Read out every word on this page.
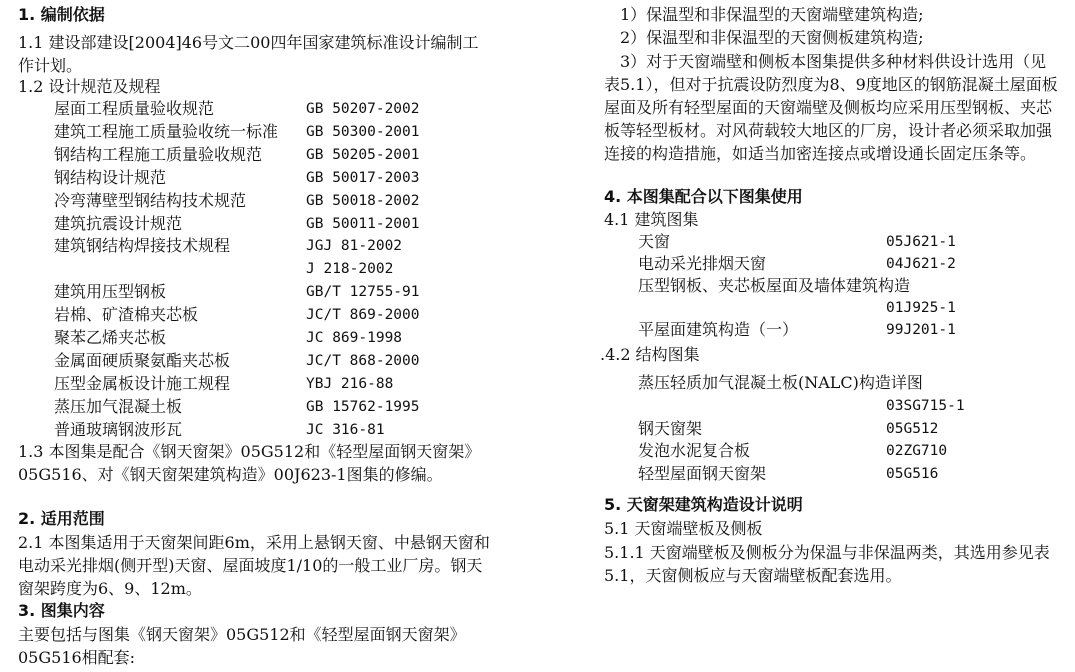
1. 编制依据
1.1 建设部建设[2004]46号文二00四年国家建筑标准设计编制工作计划。
1.2 设计规范及规程
屋面工程质量验收规范	GB 50207-2002
建筑工程施工质量验收统一标准 GB 50300-2001
钢结构工程施工质量验收规范	GB 50205-2001
钢结构设计规范	GB 50017-2003
冷弯薄壁型钢结构技术规范	GB 50018-2002
建筑抗震设计规范	GB 50011-2001
建筑钢结构焊接技术规程	JGJ 81-2002
J 218-2002
建筑用压型钢板	GB/T 12755-91
岩棉、矿渣棉夹芯板	JC/T 869-2000
聚苯乙烯夹芯板	JC 869-1998
金属面硬质聚氨酯夹芯板	JC/T 868-2000
压型金属板设计施工规程	YBJ 216-88
蒸压加气混凝土板	GB 15762-1995
普通玻璃钢波形瓦	JC 316-81
1.3 本图集是配合《钢天窗架》05G512和《轻型屋面钢天窗架》05G516、对《钢天窗架建筑构造》00J623-1图集的修编。
2. 适用范围
2.1 本图集适用于天窗架间距6m，采用上悬钢天窗、中悬钢天窗和电动采光排烟(侧开型)天窗、屋面坡度1/10的一般工业厂房。钢天窗架跨度为6、9、12m。
3. 图集内容
主要包括与图集《钢天窗架》05G512和《轻型屋面钢天窗架》05G516相配套:
1）保温型和非保温型的天窗端壁建筑构造;
2）保温型和非保温型的天窗侧板建筑构造;
3）对于天窗端壁和侧板本图集提供多种材料供设计选用（见表5.1），但对于抗震设防烈度为8、9度地区的钢筋混凝土屋面板屋面及所有轻型屋面的天窗端壁及侧板均应采用压型钢板、夹芯板等轻型板材。对风荷载较大地区的厂房，设计者必须采取加强连接的构造措施，如适当加密连接点或增设通长固定压条等。
4. 本图集配合以下图集使用
4.1 建筑图集
天窗	05J621-1
电动采光排烟天窗	04J621-2
压型钢板、夹芯板屋面及墙体建筑构造
01J925-1
平屋面建筑构造（一）	99J201-1
.4.2 结构图集
蒸压轻质加气混凝土板(NALC)构造详图
03SG715-1
钢天窗架	05G512
发泡水泥复合板	02ZG710
轻型屋面钢天窗架	05G516
5. 天窗架建筑构造设计说明
5.1 天窗端壁板及侧板
5.1.1 天窗端壁板及侧板分为保温与非保温两类，其选用参见表5.1，天窗侧板应与天窗端壁板配套选用。
